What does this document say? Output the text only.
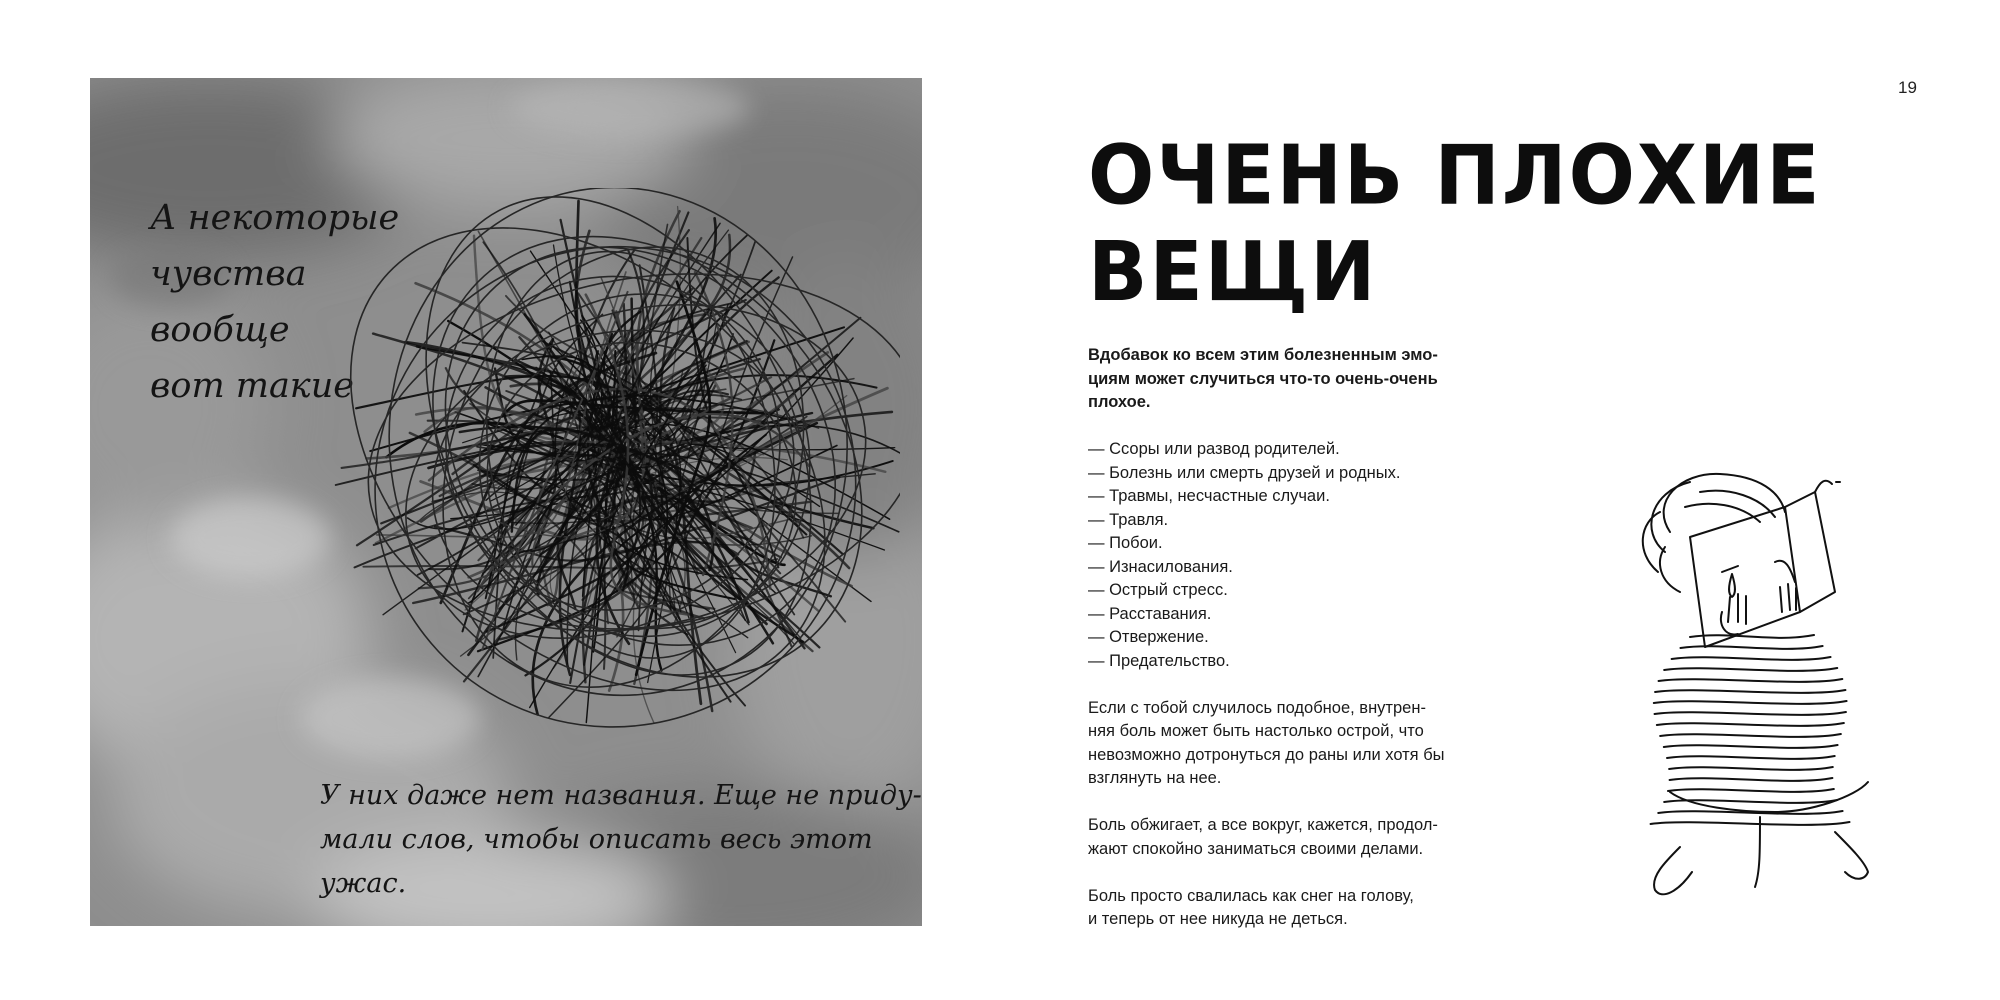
А некоторые
чувства
вообще
вот такие
У них даже нет названия. Еще не приду-
мали слов, чтобы описать весь этот ужас.
19
ОЧЕНЬ ПЛОХИЕ
ВЕЩИ

Вдобавок ко всем этим болезненным эмо-
циям может случиться что-то очень-очень
плохое.

— Ссоры или развод родителей.
— Болезнь или смерть друзей и родных.
— Травмы, несчастные случаи.
— Травля.
— Побои.
— Изнасилования.
— Острый стресс.
— Расставания.
— Отвержение.
— Предательство.

Если с тобой случилось подобное, внутрен-
няя боль может быть настолько острой, что
невозможно дотронуться до раны или хотя бы
взглянуть на нее.

Боль обжигает, а все вокруг, кажется, продол-
жают спокойно заниматься своими делами.

Боль просто свалилась как снег на голову,
и теперь от нее никуда не деться.
